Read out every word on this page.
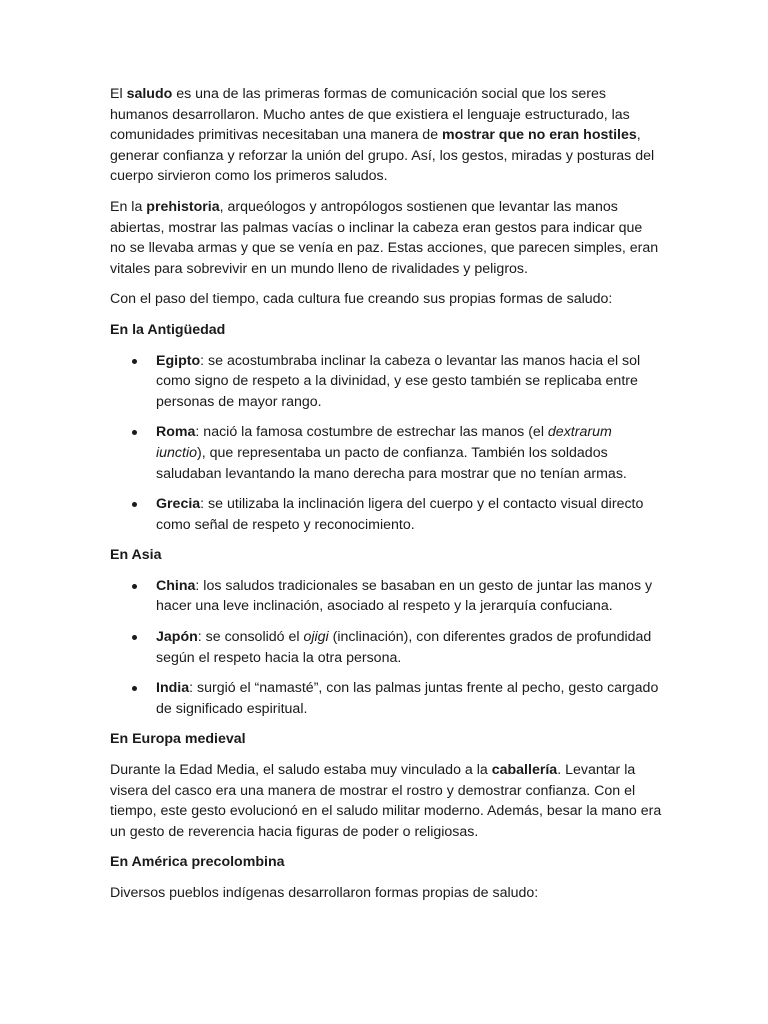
El saludo es una de las primeras formas de comunicación social que los seres humanos desarrollaron. Mucho antes de que existiera el lenguaje estructurado, las comunidades primitivas necesitaban una manera de mostrar que no eran hostiles, generar confianza y reforzar la unión del grupo. Así, los gestos, miradas y posturas del cuerpo sirvieron como los primeros saludos.

En la prehistoria, arqueólogos y antropólogos sostienen que levantar las manos abiertas, mostrar las palmas vacías o inclinar la cabeza eran gestos para indicar que no se llevaba armas y que se venía en paz. Estas acciones, que parecen simples, eran vitales para sobrevivir en un mundo lleno de rivalidades y peligros.

Con el paso del tiempo, cada cultura fue creando sus propias formas de saludo:

En la Antigüedad
Egipto: se acostumbraba inclinar la cabeza o levantar las manos hacia el sol como signo de respeto a la divinidad, y ese gesto también se replicaba entre personas de mayor rango.
Roma: nació la famosa costumbre de estrechar las manos (el dextrarum iunctio), que representaba un pacto de confianza. También los soldados saludaban levantando la mano derecha para mostrar que no tenían armas.
Grecia: se utilizaba la inclinación ligera del cuerpo y el contacto visual directo como señal de respeto y reconocimiento.
En Asia
China: los saludos tradicionales se basaban en un gesto de juntar las manos y hacer una leve inclinación, asociado al respeto y la jerarquía confuciana.
Japón: se consolidó el ojigi (inclinación), con diferentes grados de profundidad según el respeto hacia la otra persona.
India: surgió el “namasté”, con las palmas juntas frente al pecho, gesto cargado de significado espiritual.
En Europa medieval

Durante la Edad Media, el saludo estaba muy vinculado a la caballería. Levantar la visera del casco era una manera de mostrar el rostro y demostrar confianza. Con el tiempo, este gesto evolucionó en el saludo militar moderno. Además, besar la mano era un gesto de reverencia hacia figuras de poder o religiosas.

En América precolombina

Diversos pueblos indígenas desarrollaron formas propias de saludo:
